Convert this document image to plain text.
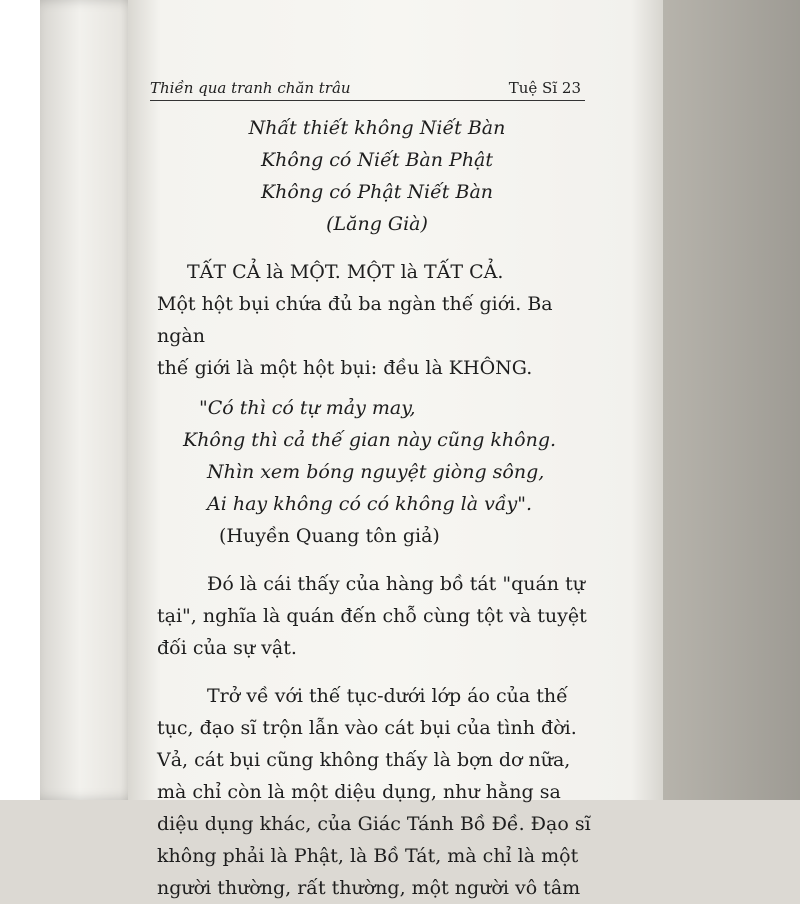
Thiền qua tranh chăn trâu	Tuệ Sĩ 23
Nhất thiết không Niết Bàn
Không có Niết Bàn Phật
Không có Phật Niết Bàn
(Lăng Già)
TẤT CẢ là MỘT. MỘT là TẤT CẢ.
Một hột bụi chứa đủ ba ngàn thế giới. Ba ngàn
thế giới là một hột bụi: đều là KHÔNG.
"Có thì có tự mảy may,
Không thì cả thế gian này cũng không.
Nhìn xem bóng nguyệt giòng sông,
Ai hay không có có không là vầy".
(Huyền Quang tôn giả)
Đó là cái thấy của hàng bồ tát "quán tự
tại", nghĩa là quán đến chỗ cùng tột và tuyệt
đối của sự vật.
Trở về với thế tục-dưới lớp áo của thế
tục, đạo sĩ trộn lẫn vào cát bụi của tình đời.
Vả, cát bụi cũng không thấy là bợn dơ nữa,
mà chỉ còn là một diệu dụng, như hằng sa
diệu dụng khác, của Giác Tánh Bồ Đề. Đạo sĩ
không phải là Phật, là Bồ Tát, mà chỉ là một
người thường, rất thường, một người vô tâm
